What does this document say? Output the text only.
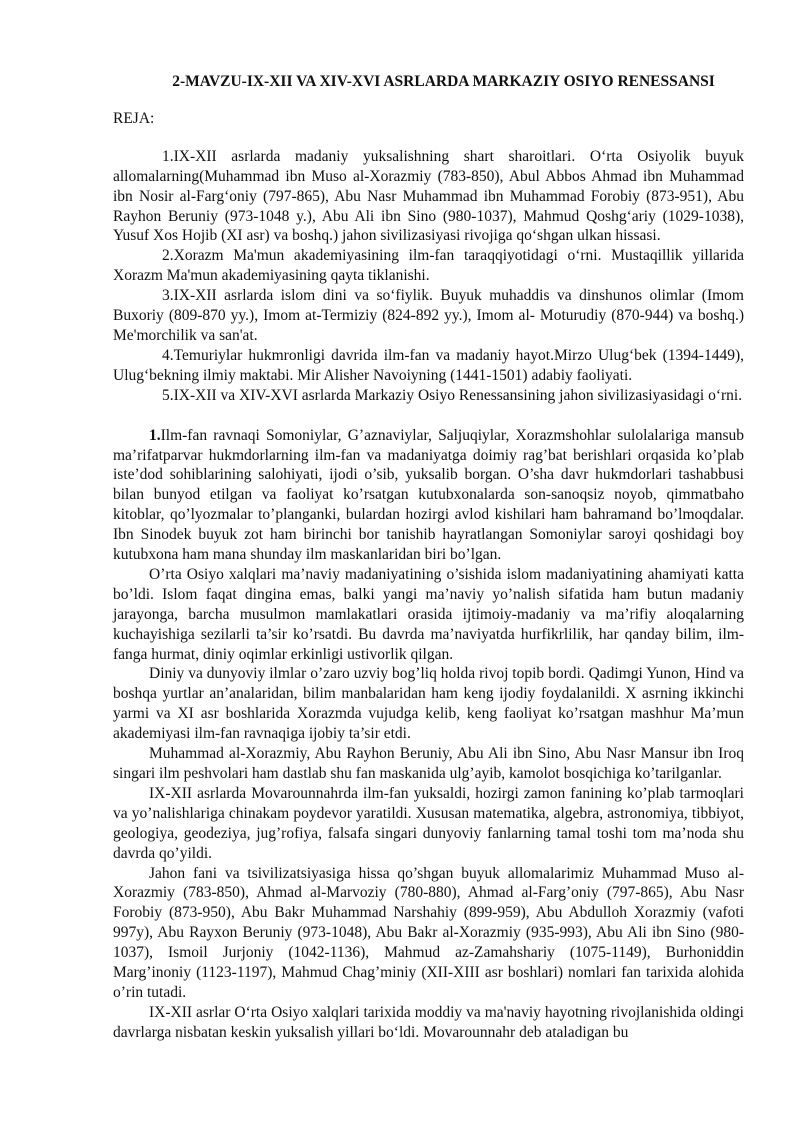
2-MAVZU-IX-XII VA XIV-XVI ASRLARDA MARKAZIY OSIYO RENESSANSI

REJA:

1.IX-XII asrlarda madaniy yuksalishning shart sharoitlari. O‘rta Osiyolik buyuk allomalarning(Muhammad ibn Muso al-Xorazmiy (783-850), Abul Abbos Ahmad ibn Muhammad ibn Nosir al-Farg‘oniy (797-865), Abu Nasr Muhammad ibn Muhammad Forobiy (873-951), Abu Rayhon Beruniy (973-1048 y.), Abu Ali ibn Sino (980-1037), Mahmud Qoshg‘ariy (1029-1038), Yusuf Xos Hojib (XI asr) va boshq.) jahon sivilizasiyasi rivojiga qo‘shgan ulkan hissasi.

2.Xorazm Ma'mun akademiyasining ilm-fan taraqqiyotidagi o‘rni. Mustaqillik yillarida Xorazm Ma'mun akademiyasining qayta tiklanishi.

3.IX-XII asrlarda islom dini va so‘fiylik. Buyuk muhaddis va dinshunos olimlar (Imom Buxoriy (809-870 yy.), Imom at-Termiziy (824-892 yy.), Imom al- Moturudiy (870-944) va boshq.) Me'morchilik va san'at.

4.Temuriylar hukmronligi davrida ilm-fan va madaniy hayot.Mirzo Ulug‘bek (1394-1449), Ulug‘bekning ilmiy maktabi. Mir Alisher Navoiyning (1441-1501) adabiy faoliyati.

5.IX-XII va XIV-XVI asrlarda Markaziy Osiyo Renessansining jahon sivilizasiyasidagi o‘rni.

1.Ilm-fan ravnaqi Somoniylar, G’aznaviylar, Saljuqiylar, Xorazmshohlar sulolalariga mansub ma’rifatparvar hukmdorlarning ilm-fan va madaniyatga doimiy rag’bat berishlari orqasida ko’plab iste’dod sohiblarining salohiyati, ijodi o’sib, yuksalib borgan. O’sha davr hukmdorlari tashabbusi bilan bunyod etilgan va faoliyat ko’rsatgan kutubxonalarda son-sanoqsiz noyob, qimmatbaho kitoblar, qo’lyozmalar to’planganki, bulardan hozirgi avlod kishilari ham bahramand bo’lmoqdalar. Ibn Sinodek buyuk zot ham birinchi bor tanishib hayratlangan Somoniylar saroyi qoshidagi boy kutubxona ham mana shunday ilm maskanlaridan biri bo’lgan.

O’rta Osiyo xalqlari ma’naviy madaniyatining o’sishida islom madaniyatining ahamiyati katta bo’ldi. Islom faqat dingina emas, balki yangi ma’naviy yo’nalish sifatida ham butun madaniy jarayonga, barcha musulmon mamlakatlari orasida ijtimoiy-madaniy va ma’rifiy aloqalarning kuchayishiga sezilarli ta’sir ko’rsatdi. Bu davrda ma’naviyatda hurfikrlilik, har qanday bilim, ilm-fanga hurmat, diniy oqimlar erkinligi ustivorlik qilgan.

Diniy va dunyoviy ilmlar o’zaro uzviy bog’liq holda rivoj topib bordi. Qadimgi Yunon, Hind va boshqa yurtlar an’analaridan, bilim manbalaridan ham keng ijodiy foydalanildi. X asrning ikkinchi yarmi va XI asr boshlarida Xorazmda vujudga kelib, keng faoliyat ko’rsatgan mashhur Ma’mun akademiyasi ilm-fan ravnaqiga ijobiy ta’sir etdi.

Muhammad al-Xorazmiy, Abu Rayhon Beruniy, Abu Ali ibn Sino, Abu Nasr Mansur ibn Iroq singari ilm peshvolari ham dastlab shu fan maskanida ulg’ayib, kamolot bosqichiga ko’tarilganlar.

IX-XII asrlarda Movarounnahrda ilm-fan yuksaldi, hozirgi zamon fanining ko’plab tarmoqlari va yo’nalishlariga chinakam poydevor yaratildi. Xususan matematika, algebra, astronomiya, tibbiyot, geologiya, geodeziya, jug’rofiya, falsafa singari dunyoviy fanlarning tamal toshi tom ma’noda shu davrda qo’yildi.

Jahon fani va tsivilizatsiyasiga hissa qo’shgan buyuk allomalarimiz Muhammad Muso al-Xorazmiy (783-850), Ahmad al-Marvoziy (780-880), Ahmad al-Farg’oniy (797-865), Abu Nasr Forobiy (873-950), Abu Bakr Muhammad Narshahiy (899-959), Abu Abdulloh Xorazmiy (vafoti 997y), Abu Rayxon Beruniy (973-1048), Abu Bakr al-Xorazmiy (935-993), Abu Ali ibn Sino (980-1037), Ismoil Jurjoniy (1042-1136), Mahmud az-Zamahshariy (1075-1149), Burhoniddin Marg’inoniy (1123-1197), Mahmud Chag’miniy (XII-XIII asr boshlari) nomlari fan tarixida alohida o’rin tutadi.

IX-XII asrlar O‘rta Osiyo xalqlari tarixida moddiy va ma'naviy hayotning rivojlanishida oldingi davrlarga nisbatan keskin yuksalish yillari bo‘ldi. Movarounnahr deb ataladigan bu
